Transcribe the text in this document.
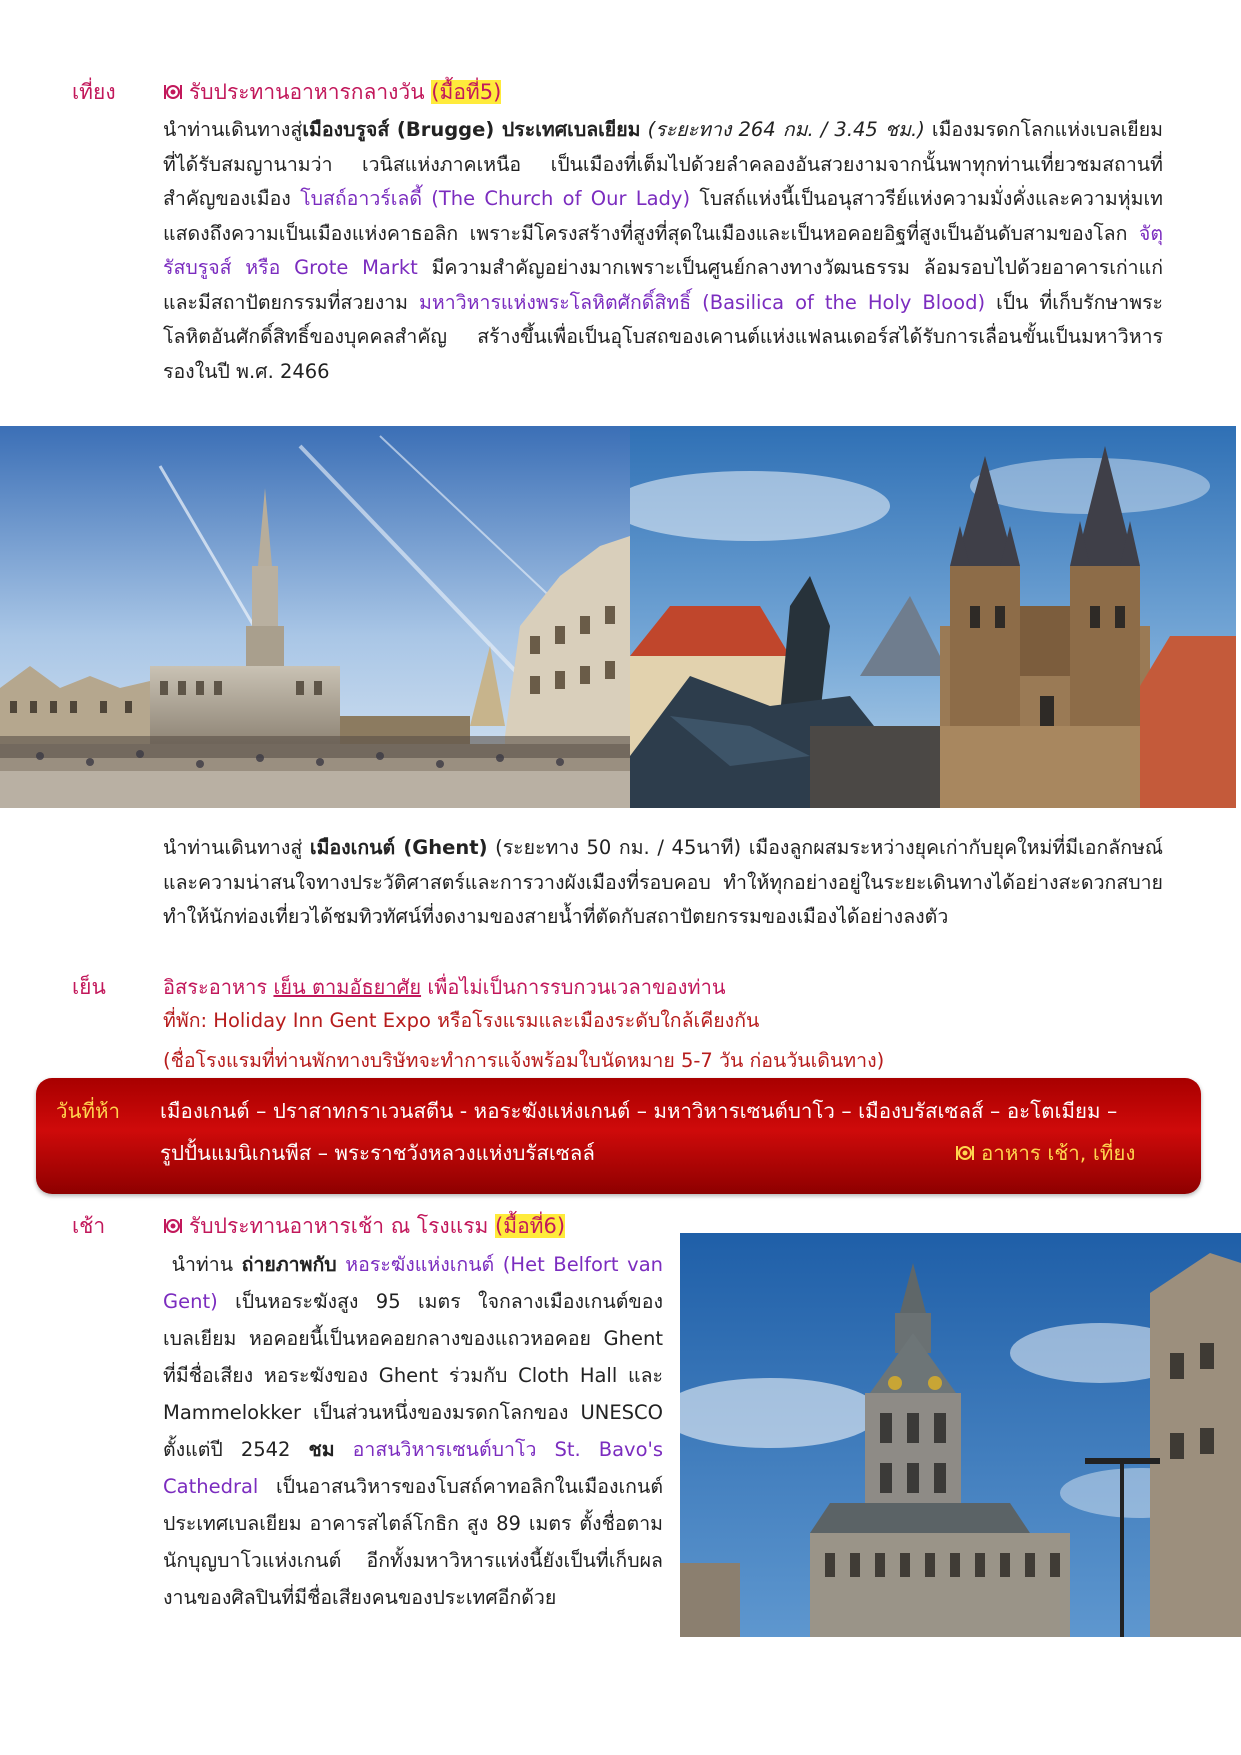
เที่ยง	รับประทานอาหารกลางวัน (มื้อที่5)
นำท่านเดินทางสู่เมืองบรูจส์ (Brugge) ประเทศเบลเยียม (ระยะทาง 264 กม. / 3.45 ชม.) เมืองมรดกโลกแห่งเบลเยียม ที่ได้รับสมญานามว่า เวนิสแห่งภาคเหนือ เป็นเมืองที่เต็มไปด้วยลำคลองอันสวยงามจากนั้นพาทุกท่านเที่ยวชมสถานที่สำคัญของเมือง โบสถ์อาวร์เลดี้ (The Church of Our Lady) โบสถ์แห่งนี้เป็นอนุสาวรีย์แห่งความมั่งคั่งและความหุ่มเท แสดงถึงความเป็นเมืองแห่งคาธอลิก เพราะมีโครงสร้างที่สูงที่สุดในเมืองและเป็นหอคอยอิฐที่สูงเป็นอันดับสามของโลก จัตุรัสบรูจส์ หรือ Grote Markt มีความสำคัญอย่างมากเพราะเป็นศูนย์กลางทางวัฒนธรรม ล้อมรอบไปด้วยอาคารเก่าแก่ และมีสถาปัตยกรรมที่สวยงาม มหาวิหารแห่งพระโลหิตศักดิ์สิทธิ์ (Basilica of the Holy Blood) เป็น ที่เก็บรักษาพระโลหิตอันศักดิ์สิทธิ์ของบุคคลสำคัญ สร้างขึ้นเพื่อเป็นอุโบสถของเคานต์แห่งแฟลนเดอร์สได้รับการเลื่อนขั้นเป็นมหาวิหารรองในปี พ.ศ. 2466
นำท่านเดินทางสู่ เมืองเกนต์ (Ghent) (ระยะทาง 50 กม. / 45นาที) เมืองลูกผสมระหว่างยุคเก่ากับยุคใหม่ที่มีเอกลักษณ์ และความน่าสนใจทางประวัติศาสตร์และการวางผังเมืองที่รอบคอบ ทำให้ทุกอย่างอยู่ในระยะเดินทางได้อย่างสะดวกสบาย ทำให้นักท่องเที่ยวได้ชมทิวทัศน์ที่งดงามของสายน้ำที่ตัดกับสถาปัตยกรรมของเมืองได้อย่างลงตัว
เย็น	อิสระอาหาร เย็น ตามอัธยาศัย เพื่อไม่เป็นการรบกวนเวลาของท่าน
ที่พัก: Holiday Inn Gent Expo หรือโรงแรมและเมืองระดับใกล้เคียงกัน
(ชื่อโรงแรมที่ท่านพักทางบริษัทจะทำการแจ้งพร้อมใบนัดหมาย 5-7 วัน ก่อนวันเดินทาง)
วันที่ห้า เมืองเกนต์ – ปราสาทกราเวนสตีน - หอระฆังแห่งเกนต์ – มหาวิหารเซนต์บาโว – เมืองบรัสเซลส์ – อะโตเมียม –
รูปปั้นแมนิเกนพีส – พระราชวังหลวงแห่งบรัสเซลล์	อาหาร เช้า, เที่ยง
เช้า	รับประทานอาหารเช้า ณ โรงแรม (มื้อที่6)
นำท่าน ถ่ายภาพกับ หอระฆังแห่งเกนต์ (Het Belfort van Gent) เป็นหอระฆังสูง 95 เมตร ใจกลางเมืองเกนต์ของเบลเยียม หอคอยนี้เป็นหอคอยกลางของแถวหอคอย Ghent ที่มีชื่อเสียง หอระฆังของ Ghent ร่วมกับ Cloth Hall และ Mammelokker เป็นส่วนหนึ่งของมรดกโลกของ UNESCO ตั้งแต่ปี 2542 ชม อาสนวิหารเซนต์บาโว St. Bavo's Cathedral เป็นอาสนวิหารของโบสถ์คาทอลิกในเมืองเกนต์ประเทศเบลเยียม อาคารสไตล์โกธิก สูง 89 เมตร ตั้งชื่อตามนักบุญบาโวแห่งเกนต์ อีกทั้งมหาวิหารแห่งนี้ยังเป็นที่เก็บผลงานของศิลปินที่มีชื่อเสียงคนของประเทศอีกด้วย
